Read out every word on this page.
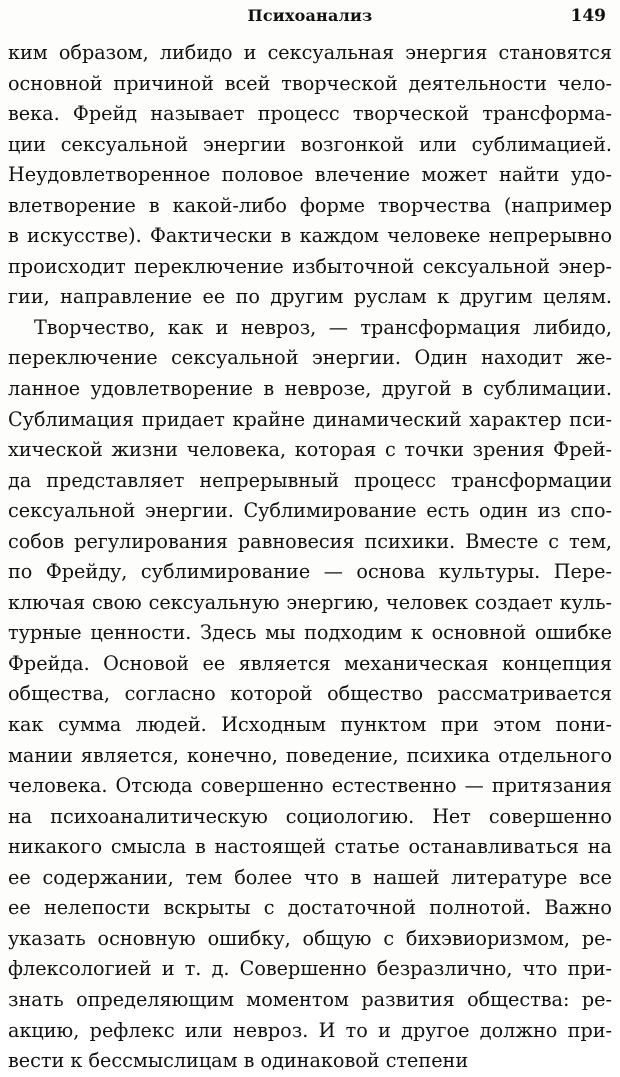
Психоанализ	149
ким образом, либидо и сексуальная энергия становятся
основной причиной всей творческой деятельности чело-
века. Фрейд называет процесс творческой трансформа-
ции сексуальной энергии возгонкой или сублимацией.
Неудовлетворенное половое влечение может найти удо-
влетворение в какой-либо форме творчества (например
в искусстве). Фактически в каждом человеке непрерывно
происходит переключение избыточной сексуальной энер-
гии, направление ее по другим руслам к другим целям.
Творчество, как и невроз, — трансформация либидо,
переключение сексуальной энергии. Один находит же-
ланное удовлетворение в неврозе, другой в сублимации.
Сублимация придает крайне динамический характер пси-
хической жизни человека, которая с точки зрения Фрей-
да представляет непрерывный процесс трансформации
сексуальной энергии. Сублимирование есть один из спо-
собов регулирования равновесия психики. Вместе с тем,
по Фрейду, сублимирование — основа культуры. Пере-
ключая свою сексуальную энергию, человек создает куль-
турные ценности. Здесь мы подходим к основной ошибке
Фрейда. Основой ее является механическая концепция
общества, согласно которой общество рассматривается
как сумма людей. Исходным пунктом при этом пони-
мании является, конечно, поведение, психика отдельного
человека. Отсюда совершенно естественно — притязания
на психоаналитическую социологию. Нет совершенно
никакого смысла в настоящей статье останавливаться на
ее содержании, тем более что в нашей литературе все
ее нелепости вскрыты с достаточной полнотой. Важно
указать основную ошибку, общую с бихэвиоризмом, ре-
флексологией и т. д. Совершенно безразлично, что при-
знать определяющим моментом развития общества: ре-
акцию, рефлекс или невроз. И то и другое должно при-
вести к бессмыслицам в одинаковой степени
